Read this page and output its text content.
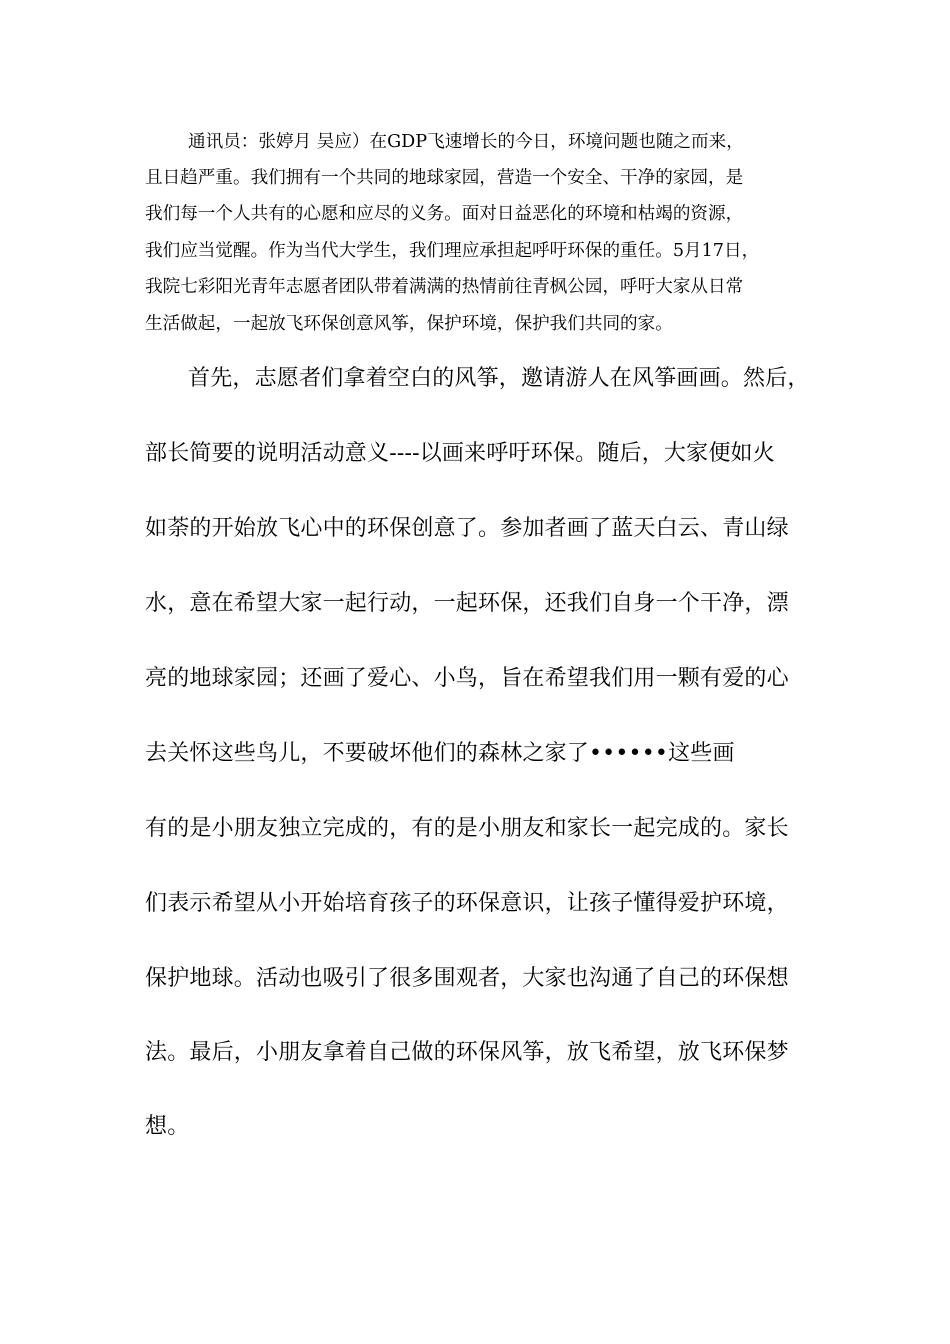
通讯员：张婷月 吴应）在GDP飞速增长的今日，环境问题也随之而来，
且日趋严重。我们拥有一个共同的地球家园，营造一个安全、干净的家园，是
我们每一个人共有的心愿和应尽的义务。面对日益恶化的环境和枯竭的资源，
我们应当觉醒。作为当代大学生，我们理应承担起呼吁环保的重任。5月17日，
我院七彩阳光青年志愿者团队带着满满的热情前往青枫公园，呼吁大家从日常
生活做起，一起放飞环保创意风筝，保护环境，保护我们共同的家。
首先，志愿者们拿着空白的风筝，邀请游人在风筝画画。然后，
部长简要的说明活动意义----以画来呼吁环保。随后，大家便如火
如荼的开始放飞心中的环保创意了。参加者画了蓝天白云、青山绿
水，意在希望大家一起行动，一起环保，还我们自身一个干净，漂
亮的地球家园；还画了爱心、小鸟，旨在希望我们用一颗有爱的心
去关怀这些鸟儿，不要破坏他们的森林之家了••••••这些画
有的是小朋友独立完成的，有的是小朋友和家长一起完成的。家长
们表示希望从小开始培育孩子的环保意识，让孩子懂得爱护环境，
保护地球。活动也吸引了很多围观者，大家也沟通了自己的环保想
法。最后，小朋友拿着自己做的环保风筝，放飞希望，放飞环保梦
想。
